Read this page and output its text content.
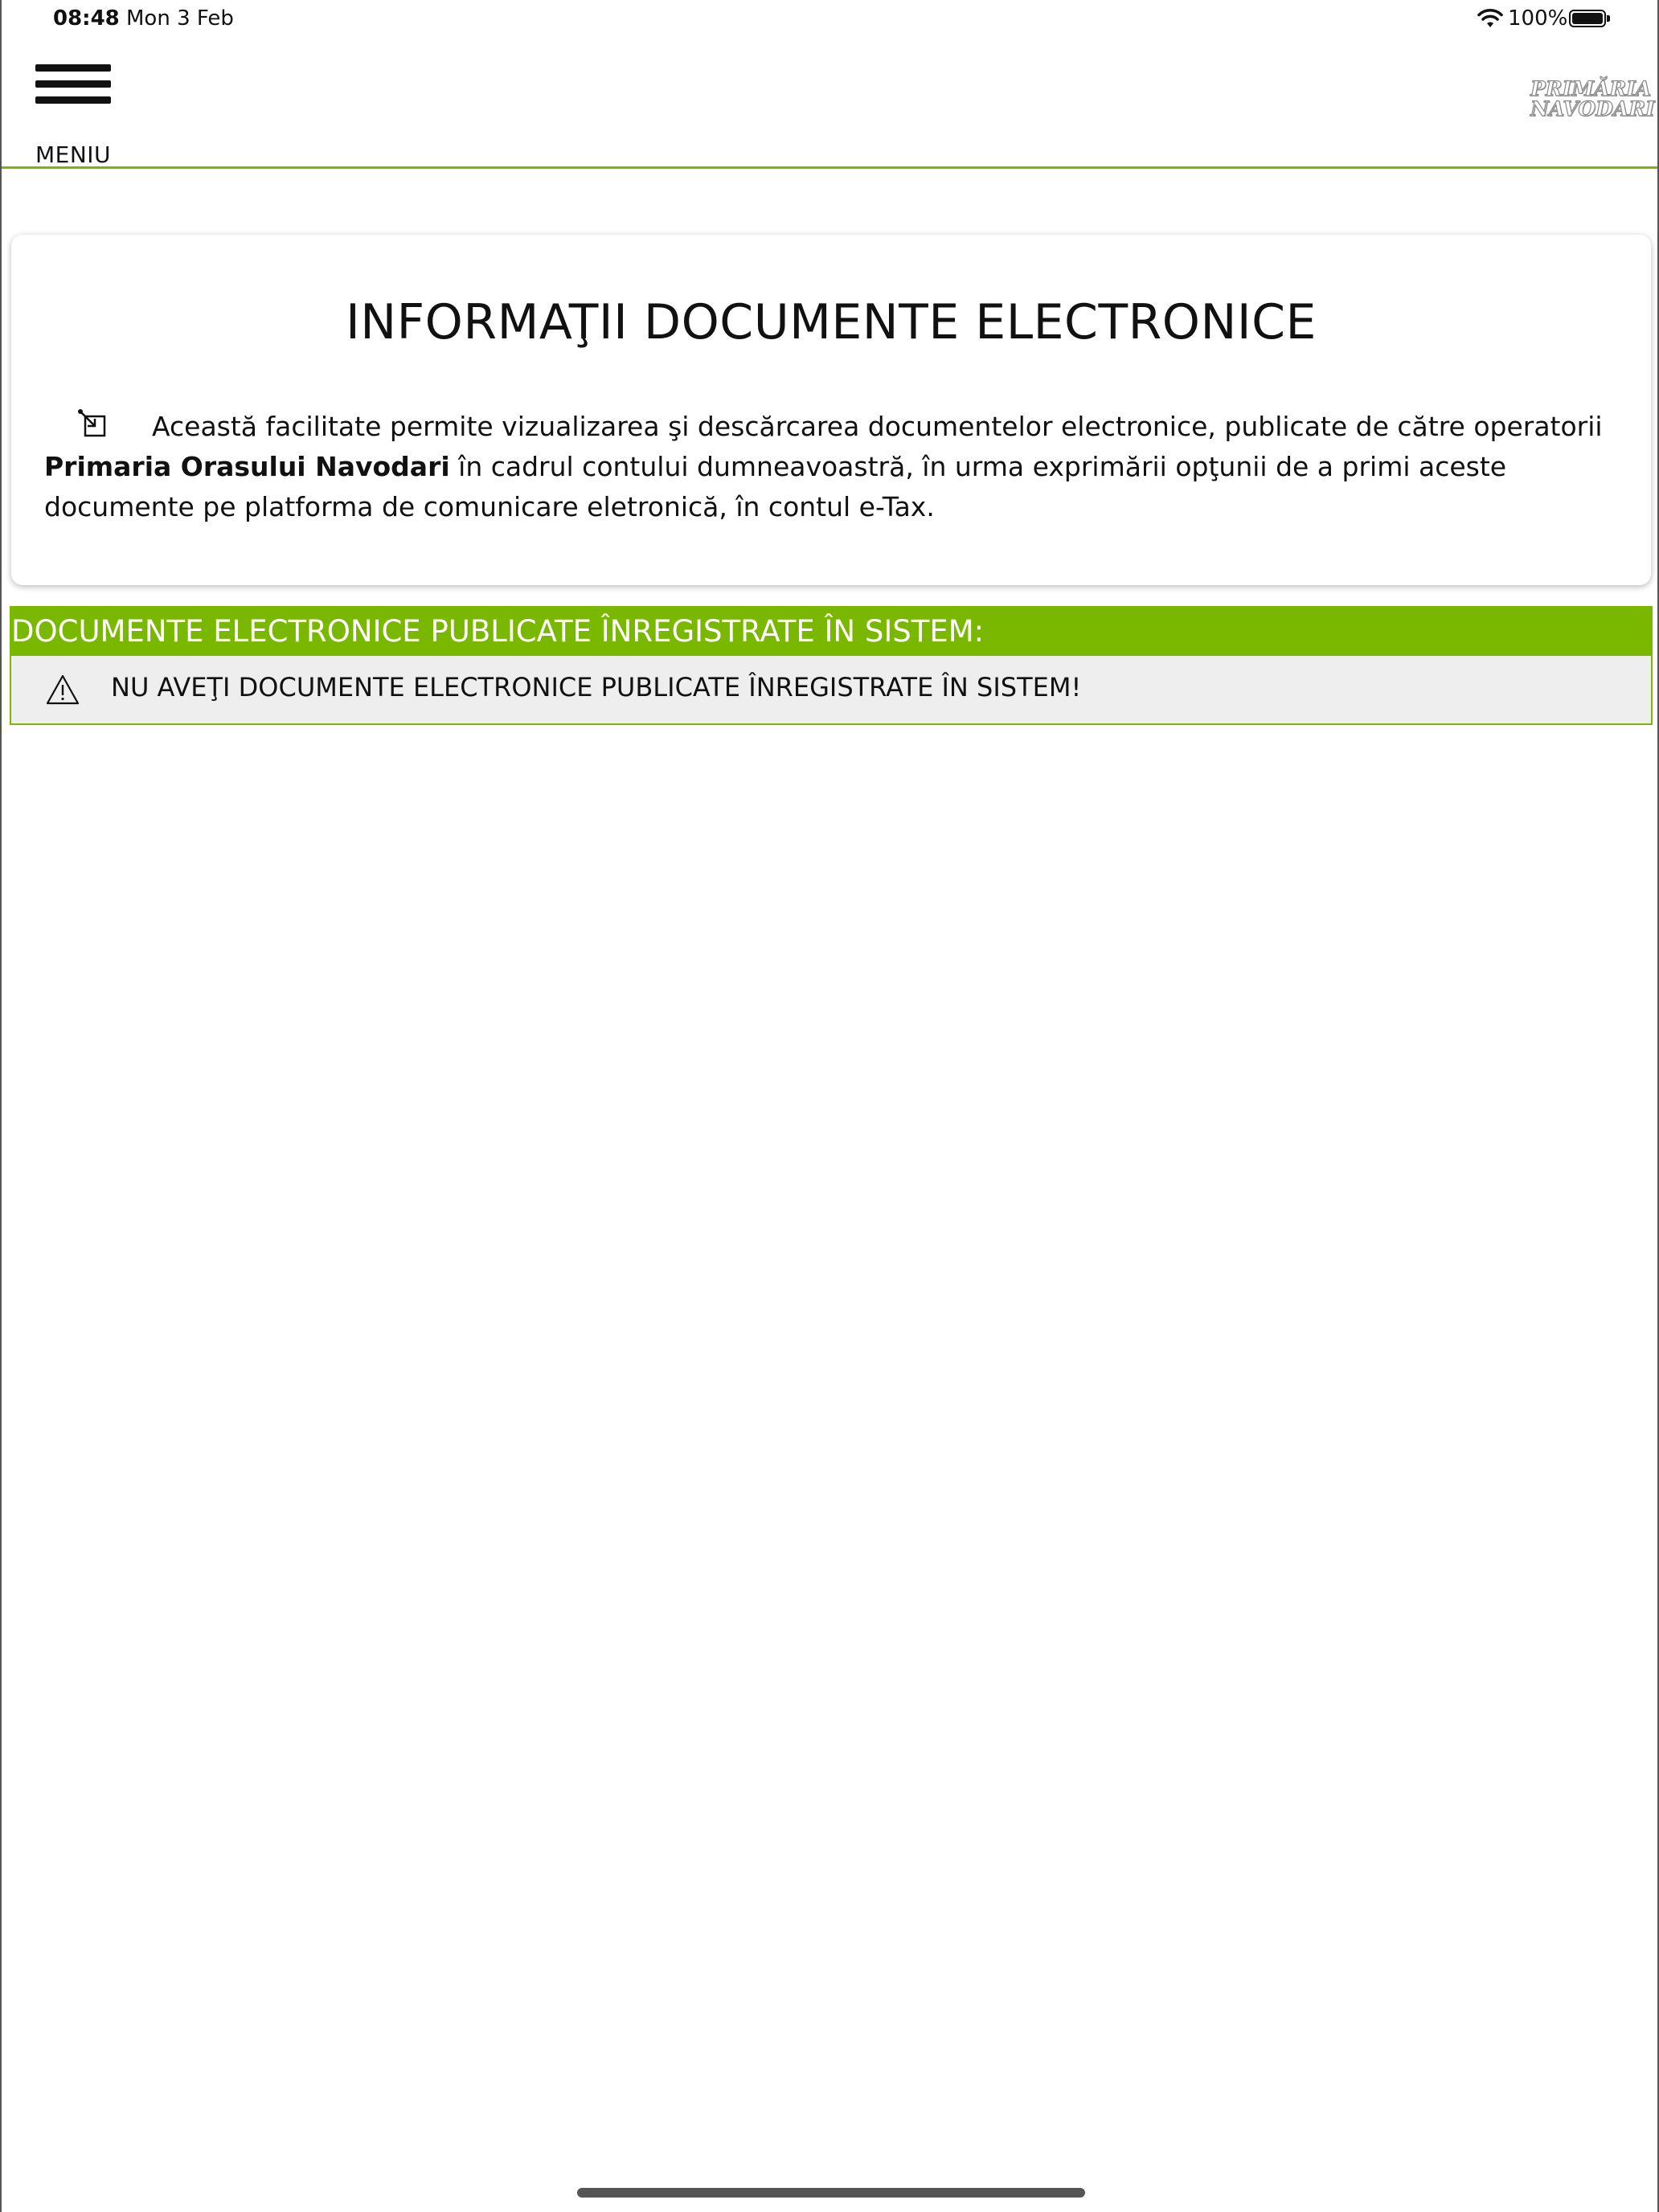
08:48 Mon 3 Feb	100%
MENIU
PRIMĂRIA
NAVODARI
INFORMAŢII DOCUMENTE ELECTRONICE
Această facilitate permite vizualizarea şi descărcarea documentelor electronice, publicate de către operatorii Primaria Orasului Navodari în cadrul contului dumneavoastră, în urma exprimării opţunii de a primi aceste documente pe platforma de comunicare eletronică, în contul e-Tax.
DOCUMENTE ELECTRONICE PUBLICATE ÎNREGISTRATE ÎN SISTEM:
NU AVEŢI DOCUMENTE ELECTRONICE PUBLICATE ÎNREGISTRATE ÎN SISTEM!
